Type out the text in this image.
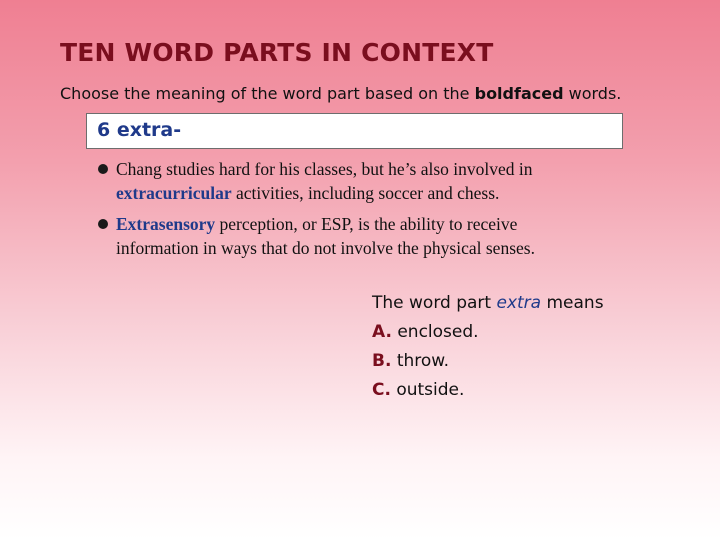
TEN WORD PARTS IN CONTEXT
Choose the meaning of the word part based on the boldfaced words.
6 extra-
Chang studies hard for his classes, but he’s also involved in
extracurricular activities, including soccer and chess.
Extrasensory perception, or ESP, is the ability to receive
information in ways that do not involve the physical senses.
The word part extra means
A. enclosed.
B. throw.
C. outside.
